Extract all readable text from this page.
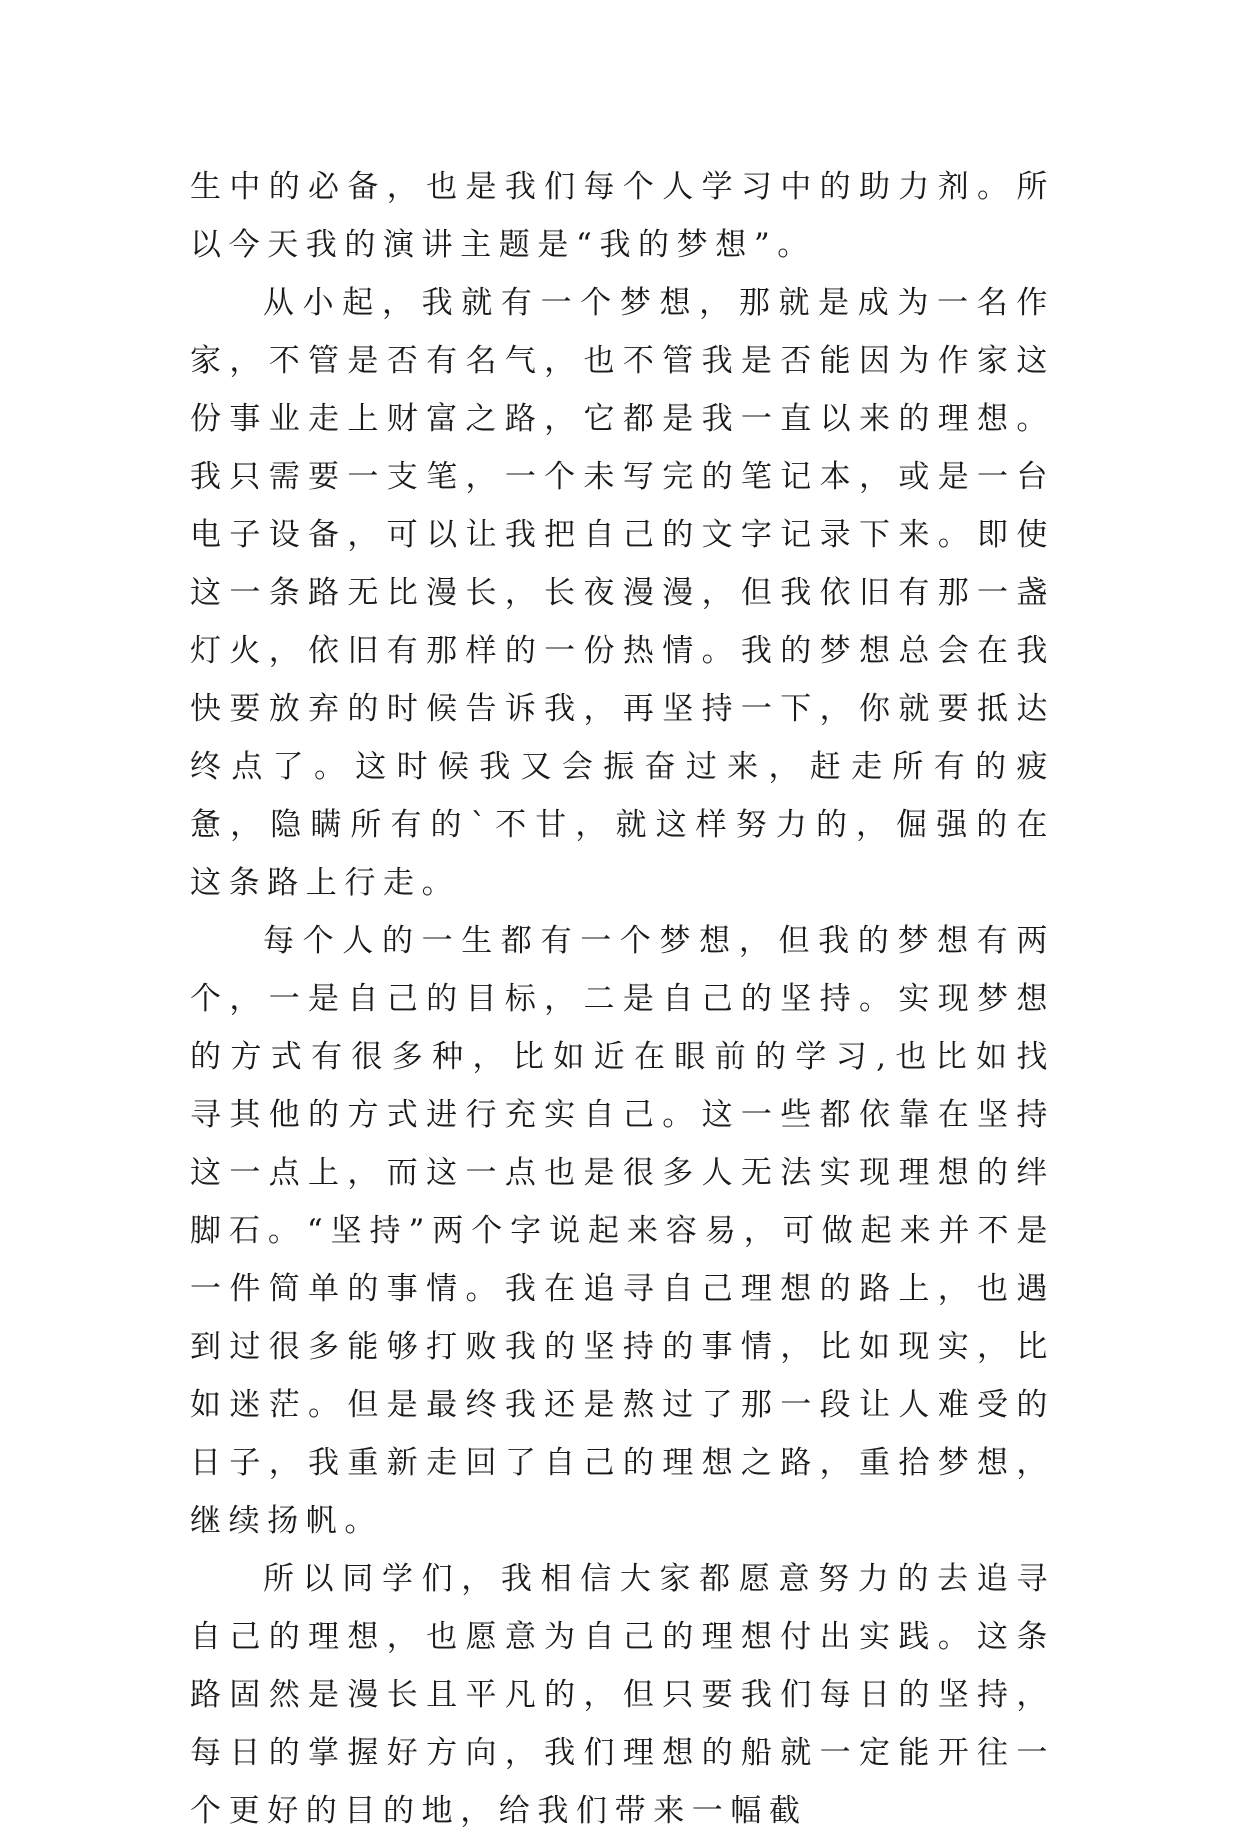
生中的必备，也是我们每个人学习中的助力剂。所以今天我的演讲主题是“我的梦想”。

从小起，我就有一个梦想，那就是成为一名作家，不管是否有名气，也不管我是否能因为作家这份事业走上财富之路，它都是我一直以来的理想。我只需要一支笔，一个未写完的笔记本，或是一台电子设备，可以让我把自己的文字记录下来。即使这一条路无比漫长，长夜漫漫，但我依旧有那一盏灯火，依旧有那样的一份热情。我的梦想总会在我快要放弃的时候告诉我，再坚持一下，你就要抵达终点了。这时候我又会振奋过来，赶走所有的疲惫，隐瞒所有的`不甘，就这样努力的，倔强的在这条路上行走。

每个人的一生都有一个梦想，但我的梦想有两个，一是自己的目标，二是自己的坚持。实现梦想的方式有很多种，比如近在眼前的学习,也比如找寻其他的方式进行充实自己。这一些都依靠在坚持这一点上，而这一点也是很多人无法实现理想的绊脚石。“坚持”两个字说起来容易，可做起来并不是一件简单的事情。我在追寻自己理想的路上，也遇到过很多能够打败我的坚持的事情，比如现实，比如迷茫。但是最终我还是熬过了那一段让人难受的日子，我重新走回了自己的理想之路，重拾梦想，继续扬帆。

所以同学们，我相信大家都愿意努力的去追寻自己的理想，也愿意为自己的理想付出实践。这条路固然是漫长且平凡的，但只要我们每日的坚持，每日的掌握好方向，我们理想的船就一定能开往一个更好的目的地，给我们带来一幅截
